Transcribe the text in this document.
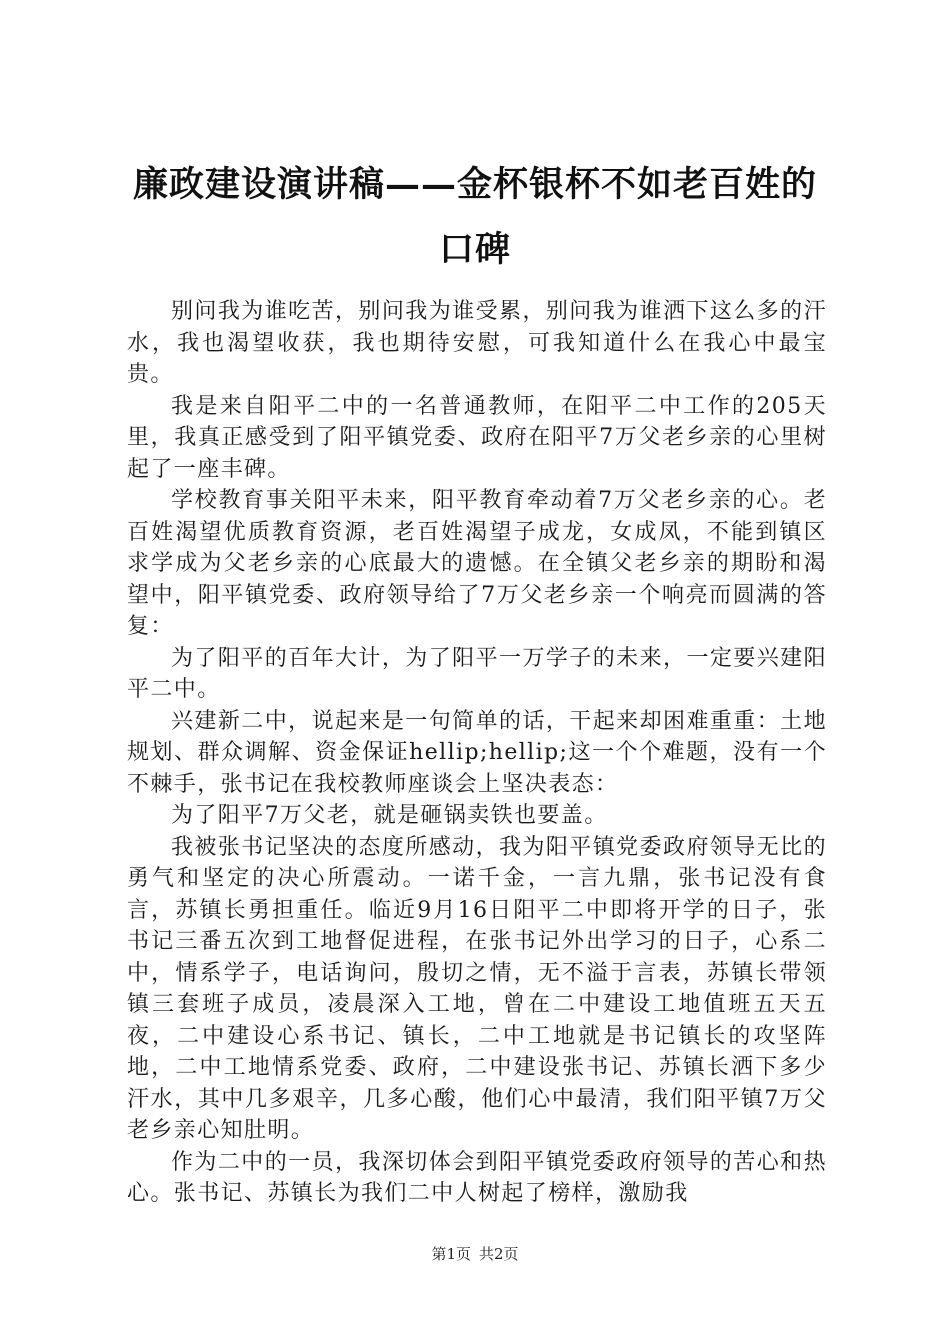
廉政建设演讲稿——金杯银杯不如老百姓的口碑

别问我为谁吃苦，别问我为谁受累，别问我为谁洒下这么多的汗水，我也渴望收获，我也期待安慰，可我知道什么在我心中最宝贵。

我是来自阳平二中的一名普通教师，在阳平二中工作的205天里，我真正感受到了阳平镇党委、政府在阳平7万父老乡亲的心里树起了一座丰碑。

学校教育事关阳平未来，阳平教育牵动着7万父老乡亲的心。老百姓渴望优质教育资源，老百姓渴望子成龙，女成凤，不能到镇区求学成为父老乡亲的心底最大的遗憾。在全镇父老乡亲的期盼和渴望中，阳平镇党委、政府领导给了7万父老乡亲一个响亮而圆满的答复：

为了阳平的百年大计，为了阳平一万学子的未来，一定要兴建阳平二中。

兴建新二中，说起来是一句简单的话，干起来却困难重重：土地规划、群众调解、资金保证hellip;hellip;这一个个难题，没有一个不棘手，张书记在我校教师座谈会上坚决表态：

为了阳平7万父老，就是砸锅卖铁也要盖。

我被张书记坚决的态度所感动，我为阳平镇党委政府领导无比的勇气和坚定的决心所震动。一诺千金，一言九鼎，张书记没有食言，苏镇长勇担重任。临近9月16日阳平二中即将开学的日子，张书记三番五次到工地督促进程，在张书记外出学习的日子，心系二中，情系学子，电话询问，殷切之情，无不溢于言表，苏镇长带领镇三套班子成员，凌晨深入工地，曾在二中建设工地值班五天五夜，二中建设心系书记、镇长，二中工地就是书记镇长的攻坚阵地，二中工地情系党委、政府，二中建设张书记、苏镇长洒下多少汗水，其中几多艰辛，几多心酸，他们心中最清，我们阳平镇7万父老乡亲心知肚明。

作为二中的一员，我深切体会到阳平镇党委政府领导的苦心和热心。张书记、苏镇长为我们二中人树起了榜样，激励我

第1页 共2页
